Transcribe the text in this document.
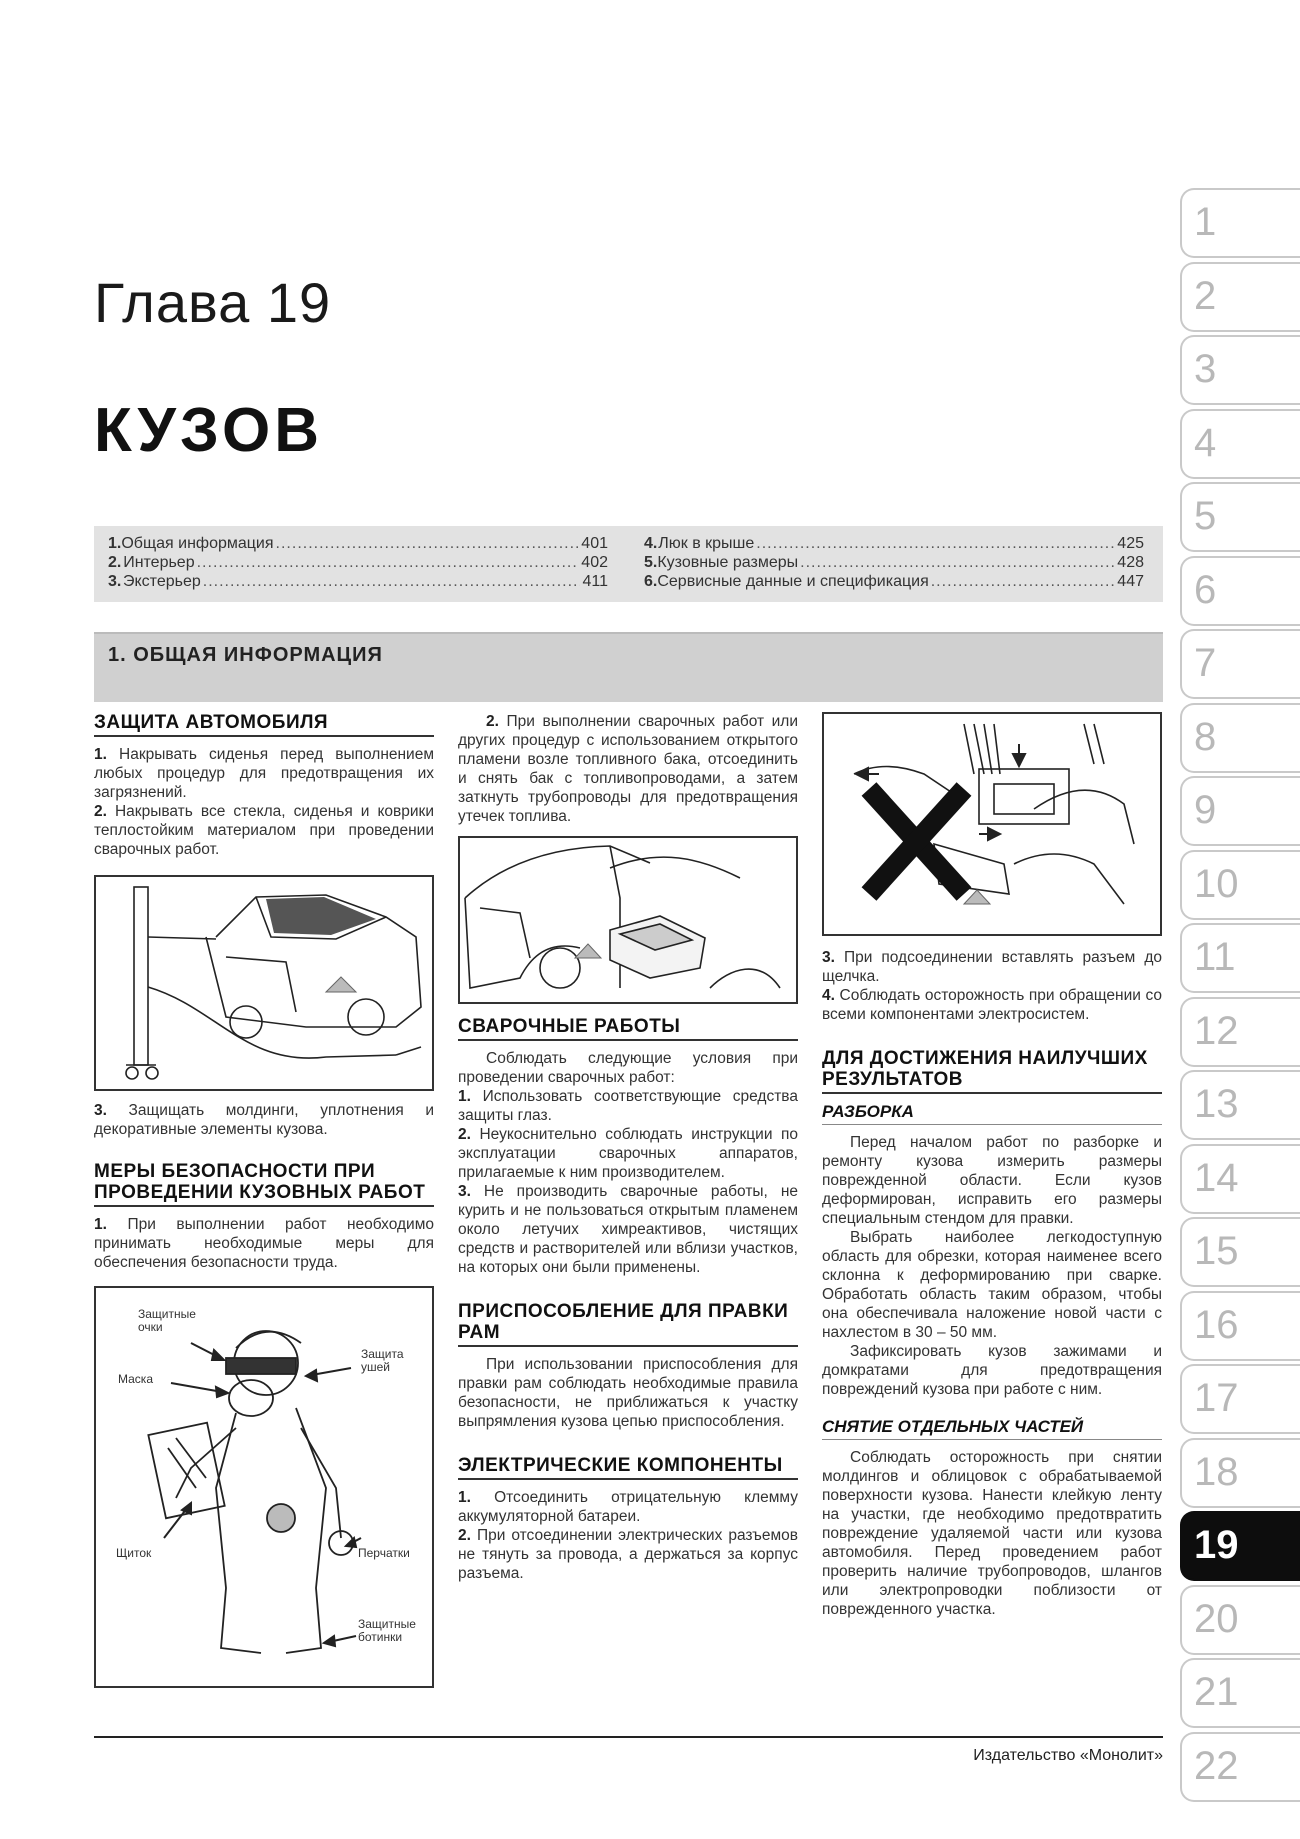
Глава 19
КУЗОВ
1. Общая информация .....	401
2. Интерьер .....	402
3. Экстерьер .....	411
4. Люк в крыше .....	425
5. Кузовные размеры .....	428
6. Сервисные данные и спецификация .....	447
1. ОБЩАЯ ИНФОРМАЦИЯ
1
2
3
4
5
6
7
8
9
10
11
12
13
14
15
16
17
18
19
20
21
22
ЗАЩИТА АВТОМОБИЛЯ

1. Накрывать сиденья перед выполнением любых процедур для предотвращения их загрязнений.

2. Накрывать все стекла, сиденья и коврики теплостойким материалом при проведении сварочных работ.

3. Защищать молдинги, уплотнения и декоративные элементы кузова.

МЕРЫ БЕЗОПАСНОСТИ ПРИ ПРОВЕДЕНИИ КУЗОВНЫХ РАБОТ

1. При выполнении работ необходимо принимать необходимые меры для обеспечения безопасности труда.

Защитные очки
Маска
Защита ушей
Щиток	Перчатки
Защитные ботинки

2. При выполнении сварочных работ или других процедур с использованием открытого пламени возле топливного бака, отсоединить и снять бак с топливопроводами, а затем заткнуть трубопроводы для предотвращения утечек топлива.

СВАРОЧНЫЕ РАБОТЫ

Соблюдать следующие условия при проведении сварочных работ:

1. Использовать соответствующие средства защиты глаз.

2. Неукоснительно соблюдать инструкции по эксплуатации сварочных аппаратов, прилагаемые к ним производителем.

3. Не производить сварочные работы, не курить и не пользоваться открытым пламенем около летучих химреактивов, чистящих средств и растворителей или вблизи участков, на которых они были применены.

ПРИСПОСОБЛЕНИЕ ДЛЯ ПРАВКИ РАМ

При использовании приспособления для правки рам соблюдать необходимые правила безопасности, не приближаться к участку выпрямления кузова цепью приспособления.

ЭЛЕКТРИЧЕСКИЕ КОМПОНЕНТЫ

1. Отсоединить отрицательную клемму аккумуляторной батареи.

2. При отсоединении электрических разъемов не тянуть за провода, а держаться за корпус разъема.

3. При подсоединении вставлять разъем до щелчка.

4. Соблюдать осторожность при обращении со всеми компонентами электросистем.

ДЛЯ ДОСТИЖЕНИЯ НАИЛУЧШИХ РЕЗУЛЬТАТОВ
РАЗБОРКА

Перед началом работ по разборке и ремонту кузова измерить размеры поврежденной области. Если кузов деформирован, исправить его размеры специальным стендом для правки.

Выбрать наиболее легкодоступную область для обрезки, которая наименее всего склонна к деформированию при сварке. Обработать область таким образом, чтобы она обеспечивала наложение новой части с нахлестом в 30 – 50 мм.

Зафиксировать кузов зажимами и домкратами для предотвращения повреждений кузова при работе с ним.

СНЯТИЕ ОТДЕЛЬНЫХ ЧАСТЕЙ

Соблюдать осторожность при снятии молдингов и облицовок с обрабатываемой поверхности кузова. Нанести клейкую ленту на участки, где необходимо предотвратить повреждение удаляемой части или кузова автомобиля. Перед проведением работ проверить наличие трубопроводов, шлангов или электропроводки поблизости от поврежденного участка.

Издательство «Монолит»
